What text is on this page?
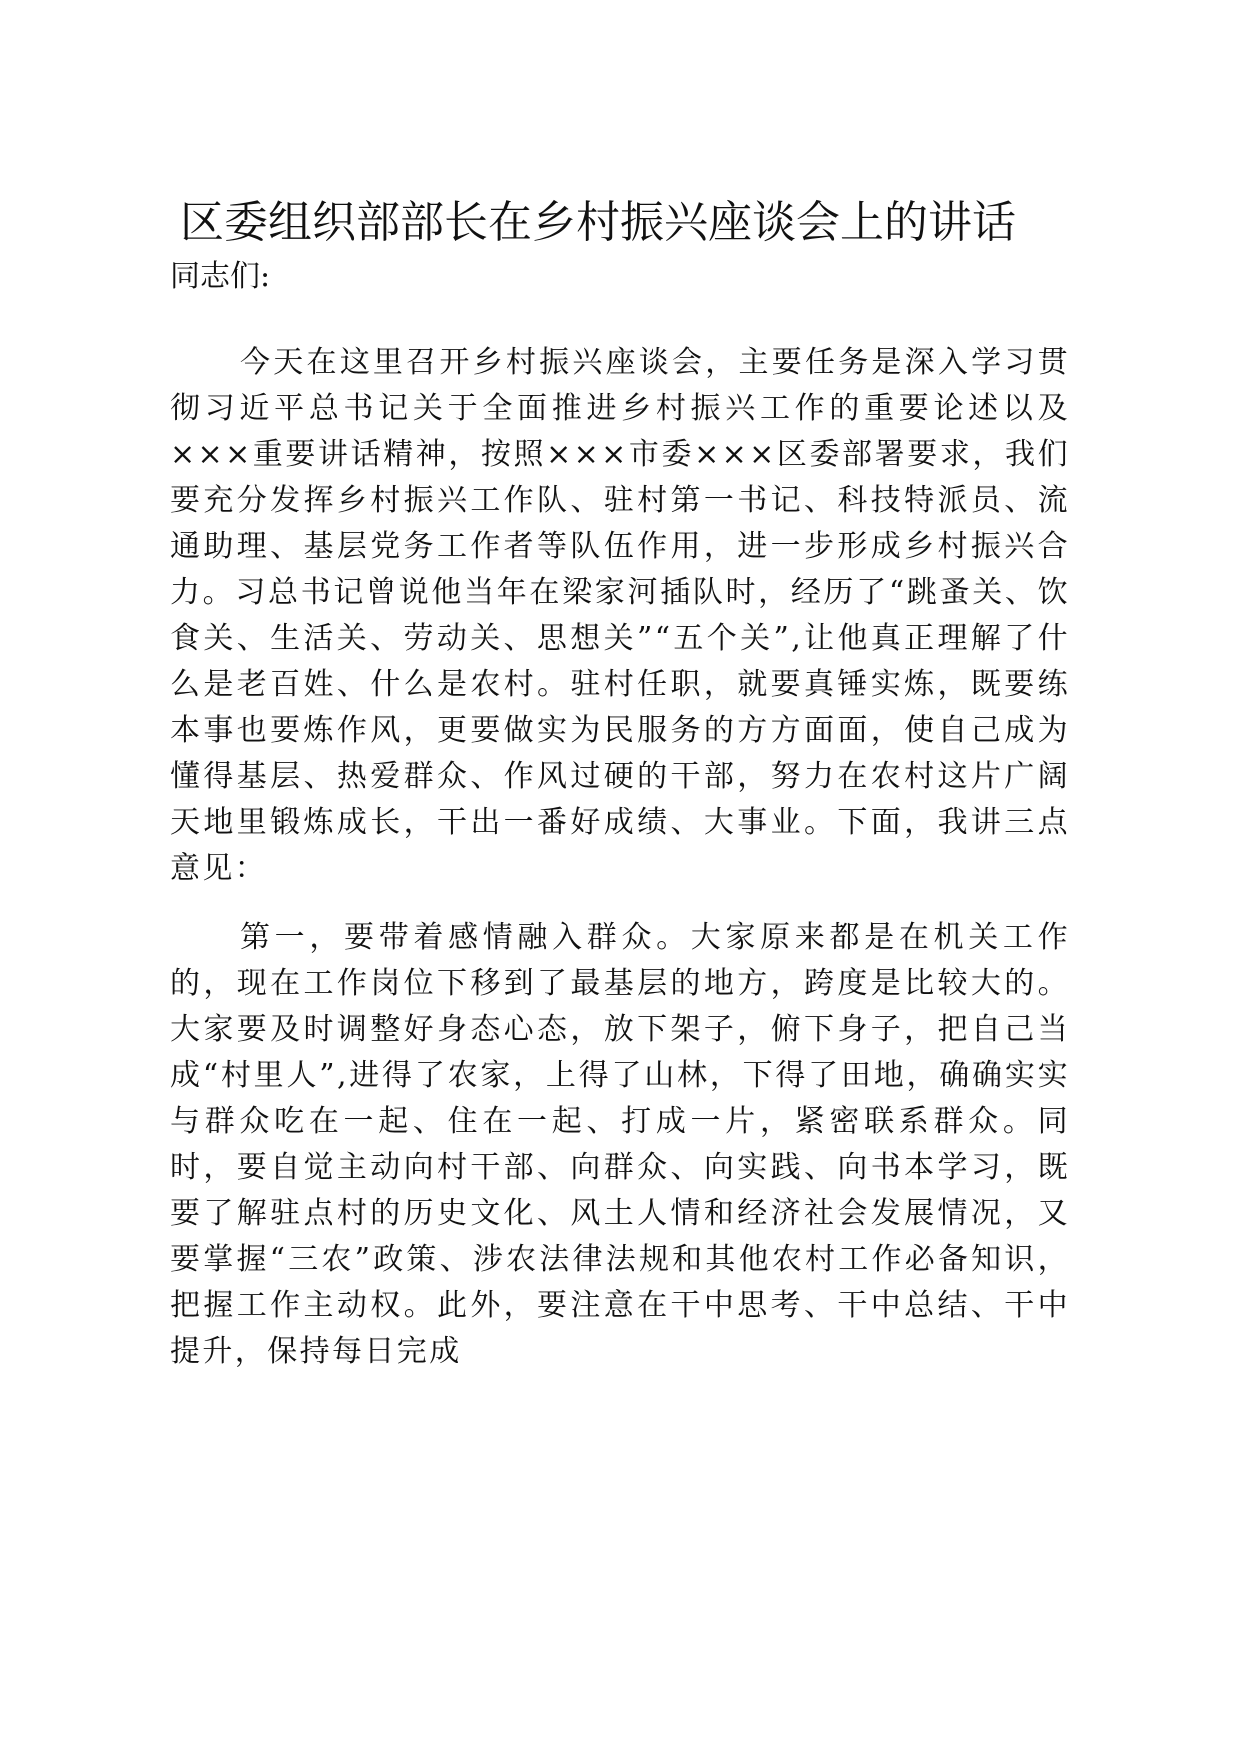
区委组织部部长在乡村振兴座谈会上的讲话

同志们:

今天在这里召开乡村振兴座谈会，主要任务是深入学习贯彻习近平总书记关于全面推进乡村振兴工作的重要论述以及×××重要讲话精神，按照×××市委×××区委部署要求，我们要充分发挥乡村振兴工作队、驻村第一书记、科技特派员、流通助理、基层党务工作者等队伍作用，进一步形成乡村振兴合力。习总书记曾说他当年在梁家河插队时，经历了“跳蚤关、饮食关、生活关、劳动关、思想关”“五个关”,让他真正理解了什么是老百姓、什么是农村。驻村任职，就要真锤实炼，既要练本事也要炼作风，更要做实为民服务的方方面面，使自己成为懂得基层、热爱群众、作风过硬的干部，努力在农村这片广阔天地里锻炼成长，干出一番好成绩、大事业。下面，我讲三点意见：

第一，要带着感情融入群众。大家原来都是在机关工作的，现在工作岗位下移到了最基层的地方，跨度是比较大的。大家要及时调整好身态心态，放下架子，俯下身子，把自己当成“村里人”,进得了农家，上得了山林，下得了田地，确确实实与群众吃在一起、住在一起、打成一片，紧密联系群众。同时，要自觉主动向村干部、向群众、向实践、向书本学习，既要了解驻点村的历史文化、风土人情和经济社会发展情况，又要掌握“三农”政策、涉农法律法规和其他农村工作必备知识，把握工作主动权。此外，要注意在干中思考、干中总结、干中提升，保持每日完成
